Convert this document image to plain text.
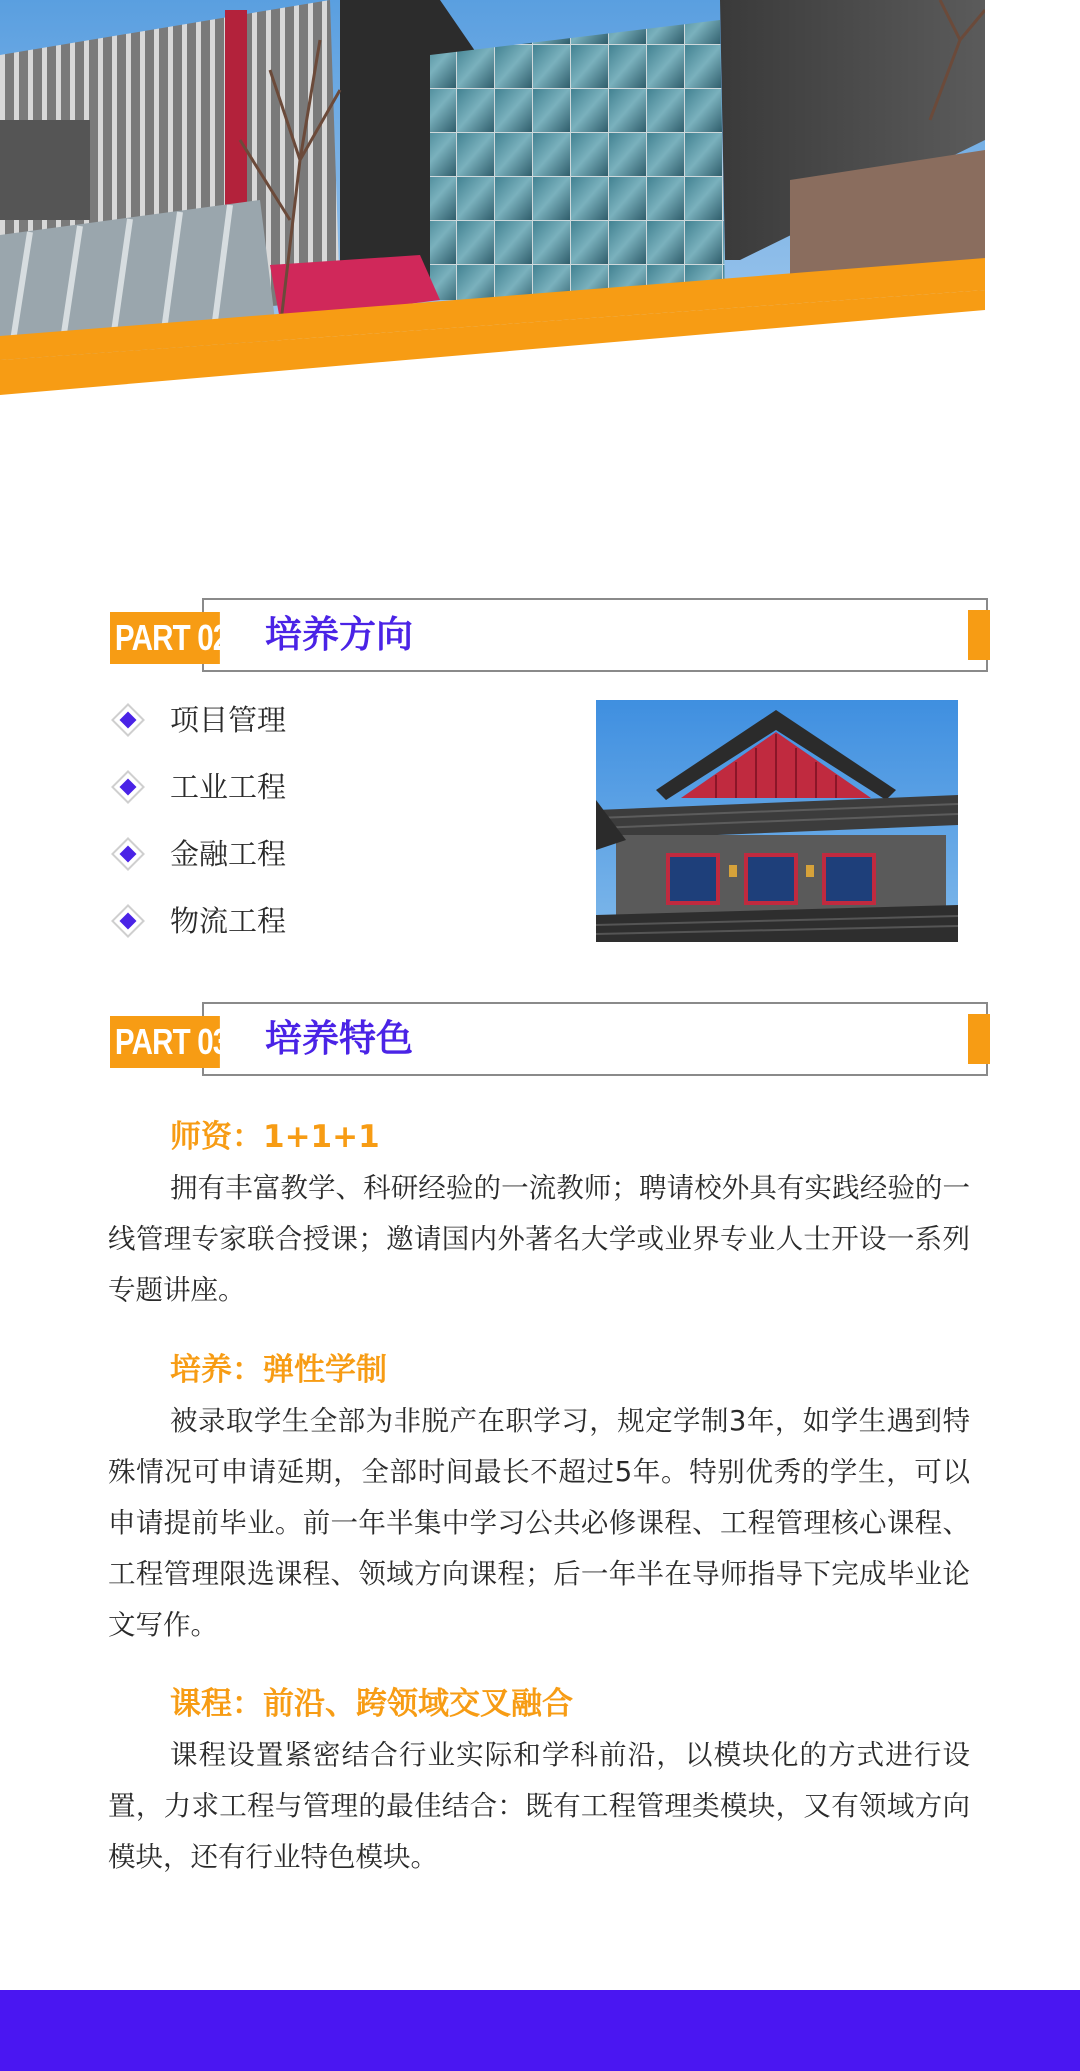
PART 02 培养方向
项目管理
工业工程
金融工程
物流工程
PART 03 培养特色

师资：1+1+1

拥有丰富教学、科研经验的一流教师；聘请校外具有实践经验的一线管理专家联合授课；邀请国内外著名大学或业界专业人士开设一系列专题讲座。

培养：弹性学制

被录取学生全部为非脱产在职学习，规定学制3年，如学生遇到特殊情况可申请延期，全部时间最长不超过5年。特别优秀的学生，可以申请提前毕业。前一年半集中学习公共必修课程、工程管理核心课程、工程管理限选课程、领域方向课程；后一年半在导师指导下完成毕业论文写作。

课程：前沿、跨领域交叉融合

课程设置紧密结合行业实际和学科前沿，以模块化的方式进行设置，力求工程与管理的最佳结合：既有工程管理类模块，又有领域方向模块，还有行业特色模块。
